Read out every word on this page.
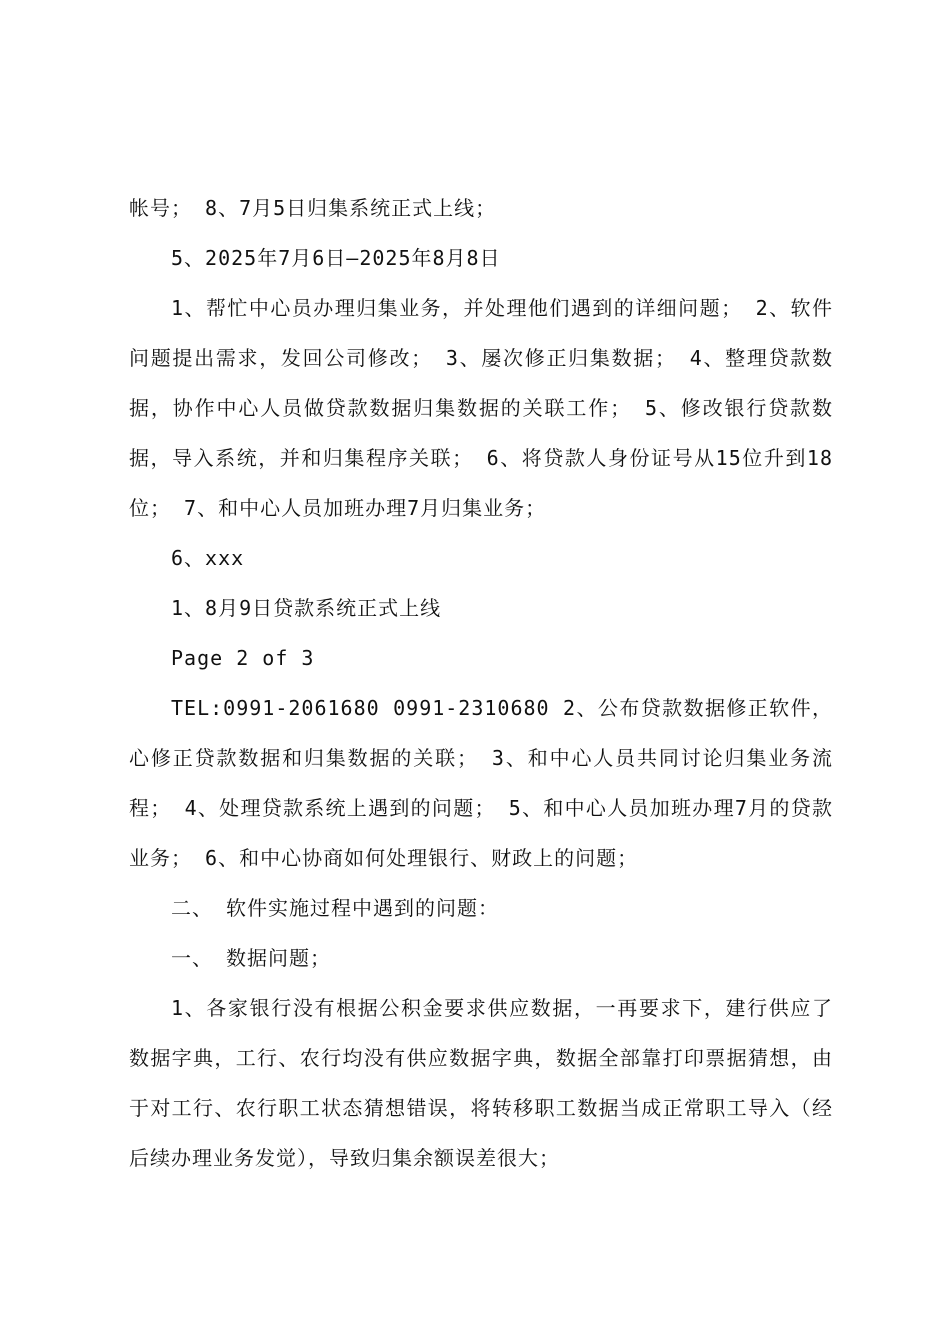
帐号； 8、7月5日归集系统正式上线；

5、2025年7月6日—2025年8月8日

1、帮忙中心员办理归集业务，并处理他们遇到的详细问题； 2、软件问题提出需求，发回公司修改； 3、屡次修正归集数据； 4、整理贷款数据，协作中心人员做贷款数据归集数据的关联工作； 5、修改银行贷款数据，导入系统，并和归集程序关联； 6、将贷款人身份证号从15位升到18位； 7、和中心人员加班办理7月归集业务；

6、xxx

1、8月9日贷款系统正式上线

Page 2 of 3

TEL:0991-2061680 0991-2310680 2、公布贷款数据修正软件，心修正贷款数据和归集数据的关联； 3、和中心人员共同讨论归集业务流程； 4、处理贷款系统上遇到的问题； 5、和中心人员加班办理7月的贷款业务； 6、和中心协商如何处理银行、财政上的问题；

二、 软件实施过程中遇到的问题：

一、 数据问题；

1、各家银行没有根据公积金要求供应数据，一再要求下，建行供应了数据字典，工行、农行均没有供应数据字典，数据全部靠打印票据猜想，由于对工行、农行职工状态猜想错误，将转移职工数据当成正常职工导入（经后续办理业务发觉），导致归集余额误差很大；
